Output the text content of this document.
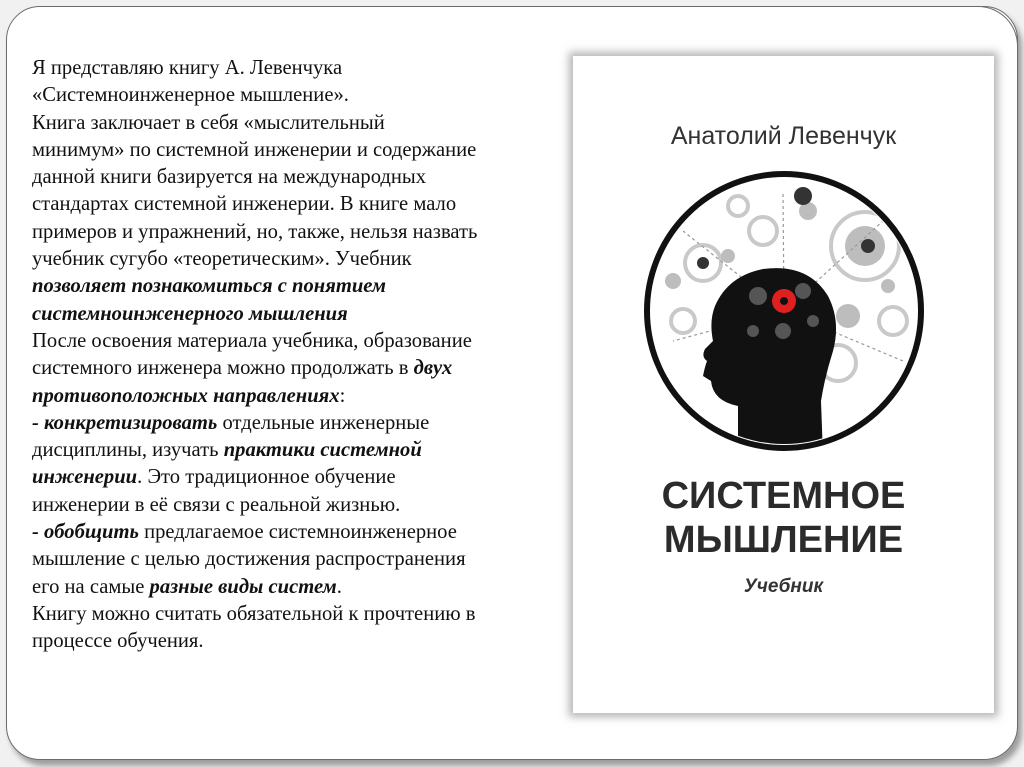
Я представляю книгу А. Левенчука
«Системноинженерное мышление».
Книга заключает в себя «мыслительный
минимум» по системной инженерии и содержание
данной книги базируется на международных
стандартах системной инженерии. В книге мало
примеров и упражнений, но, также, нельзя назвать
учебник сугубо «теоретическим». Учебник
позволяет познакомиться с понятием
системноинженерного мышления
После освоения материала учебника, образование
системного инженера можно продолжать в двух
противоположных направлениях:
- конкретизировать отдельные инженерные
дисциплины, изучать практики системной
инженерии. Это традиционное обучение
инженерии в её связи с реальной жизнью.
- обобщить предлагаемое системноинженерное
мышление с целью достижения распространения
его на самые разные виды систем.
Книгу можно считать обязательной к прочтению в
процессе обучения.
Анатолий Левенчук
СИСТЕМНОЕ
МЫШЛЕНИЕ
Учебник
